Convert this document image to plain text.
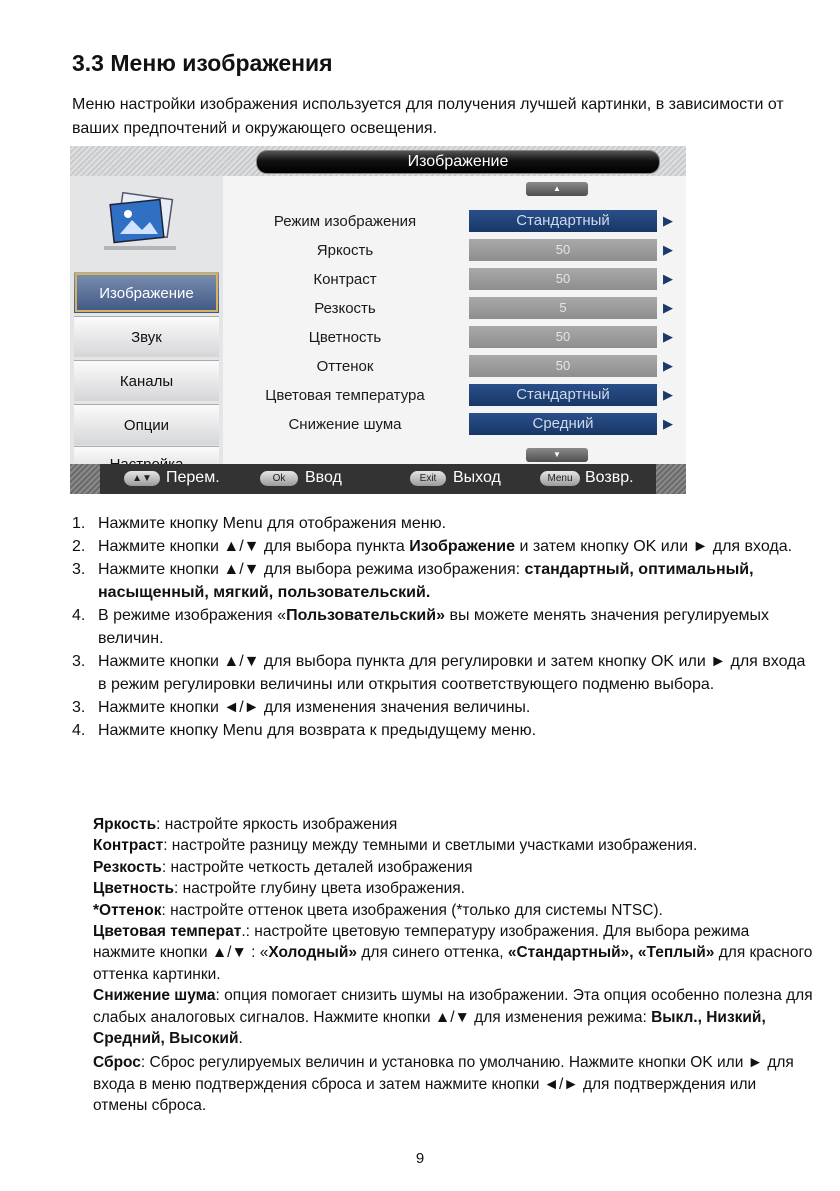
3.3 Меню изображения

Меню настройки изображения используется для получения лучшей картинки, в зависимости от ваших предпочтений и окружающего освещения.

Изображение
Изображение
Звук
Каналы
Опции
▲
Режим изображения	Стандартный	▶
Яркость	50	▶
Контраст	50	▶
Резкость	5	▶
Цветность	50	▶
Оттенок	50	▶
Цветовая температура	Стандартный	▶
Снижение шума	Средний	▶
▼
▲▼ Перем.	Ok	Ввод	Exit	Выход	Menu Возвр.
1. Нажмите кнопку Menu для отображения меню.
2. Нажмите кнопки ▲/▼ для выбора пункта Изображение и затем кнопку OK или ► для входа.
3. Нажмите кнопки ▲/▼ для выбора режима изображения: стандартный, оптимальный, насыщенный, мягкий, пользовательский.
4. В режиме изображения «Пользовательский» вы можете менять значения регулируемых величин.
3. Нажмите кнопки ▲/▼ для выбора пункта для регулировки и затем кнопку OK или ► для входа в режим регулировки величины или открытия соответствующего подменю выбора.
3. Нажмите кнопки ◄/► для изменения значения величины.
4. Нажмите кнопку Menu для возврата к предыдущему меню.

Яркость: настройте яркость изображения

Контраст: настройте разницу между темными и светлыми участками изображения.

Резкость: настройте четкость деталей изображения

Цветность: настройте глубину цвета изображения.

*Оттенок: настройте оттенок цвета изображения (*только для системы NTSC).

Цветовая температ.: настройте цветовую температуру изображения. Для выбора режима нажмите кнопки ▲/▼ : «Холодный» для синего оттенка, «Стандартный», «Теплый» для красного оттенка картинки.

Снижение шума: опция помогает снизить шумы на изображении. Эта опция особенно полезна для слабых аналоговых сигналов. Нажмите кнопки ▲/▼ для изменения режима: Выкл., Низкий, Средний, Высокий.

Сброс: Сброс регулируемых величин и установка по умолчанию. Нажмите кнопки OK или ► для входа в меню подтверждения сброса и затем нажмите кнопки ◄/► для подтверждения или отмены сброса.

9
